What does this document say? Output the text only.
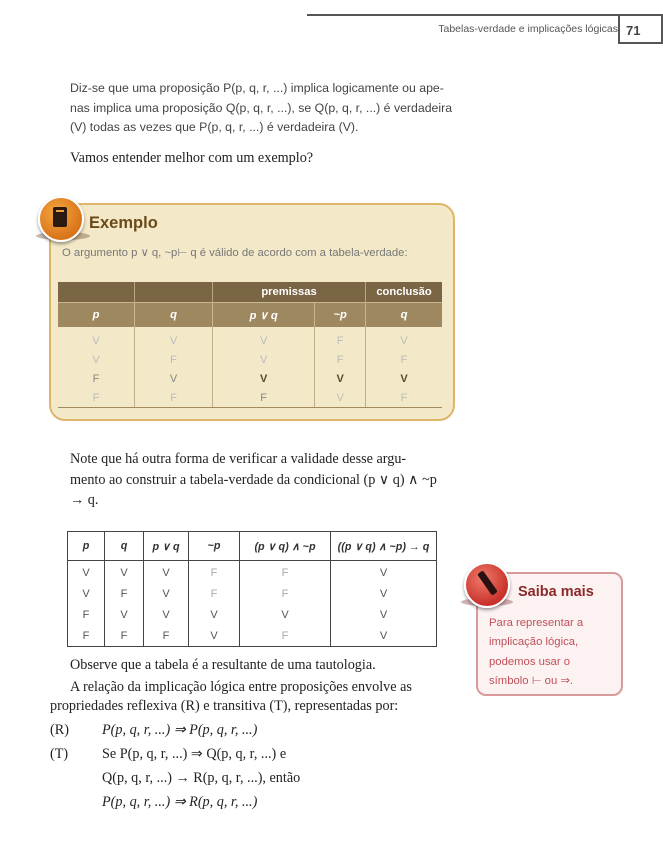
Tabelas-verdade e implicações lógicas 71
Diz-se que uma proposição P(p, q, r, ...) implica logicamente ou ape-
nas implica uma proposição Q(p, q, r, ...), se Q(p, q, r, ...) é verdadeira
(V) todas as vezes que P(p, q, r, ...) é verdadeira (V).
Vamos entender melhor com um exemplo?
Exemplo
O argumento p ∨ q, ~p⊢ q é válido de acordo com a tabela-verdade:
		premissas		conclusão
p	q	p ∨ q	~p	q
V	V	V	F	V
V	F	V	F	F
F	V	V	V	V
F	F	F	V	F
Note que há outra forma de verificar a validade desse argu-
mento ao construir a tabela-verdade da condicional (p ∨ q) ∧ ~p
→ q.
p	q	p ∨ q	~p	(p ∨ q) ∧ ~p	((p ∨ q) ∧ ~p) → q
V	V	V	F	F	V
V	F	V	F	F	V
F	V	V	V	V	V
F	F	F	V	F	V
Saiba mais
Para representar a
implicação lógica,
podemos usar o
símbolo ⊢ ou ⇒.
Observe que a tabela é a resultante de uma tautologia.
A relação da implicação lógica entre proposições envolve as
propriedades reflexiva (R) e transitiva (T), representadas por:
(R) P(p, q, r, ...) ⇒ P(p, q, r, ...)
(T) Se P(p, q, r, ...) ⇒ Q(p, q, r, ...) e
Q(p, q, r, ...) → R(p, q, r, ...), então
P(p, q, r, ...) ⇒ R(p, q, r, ...)
